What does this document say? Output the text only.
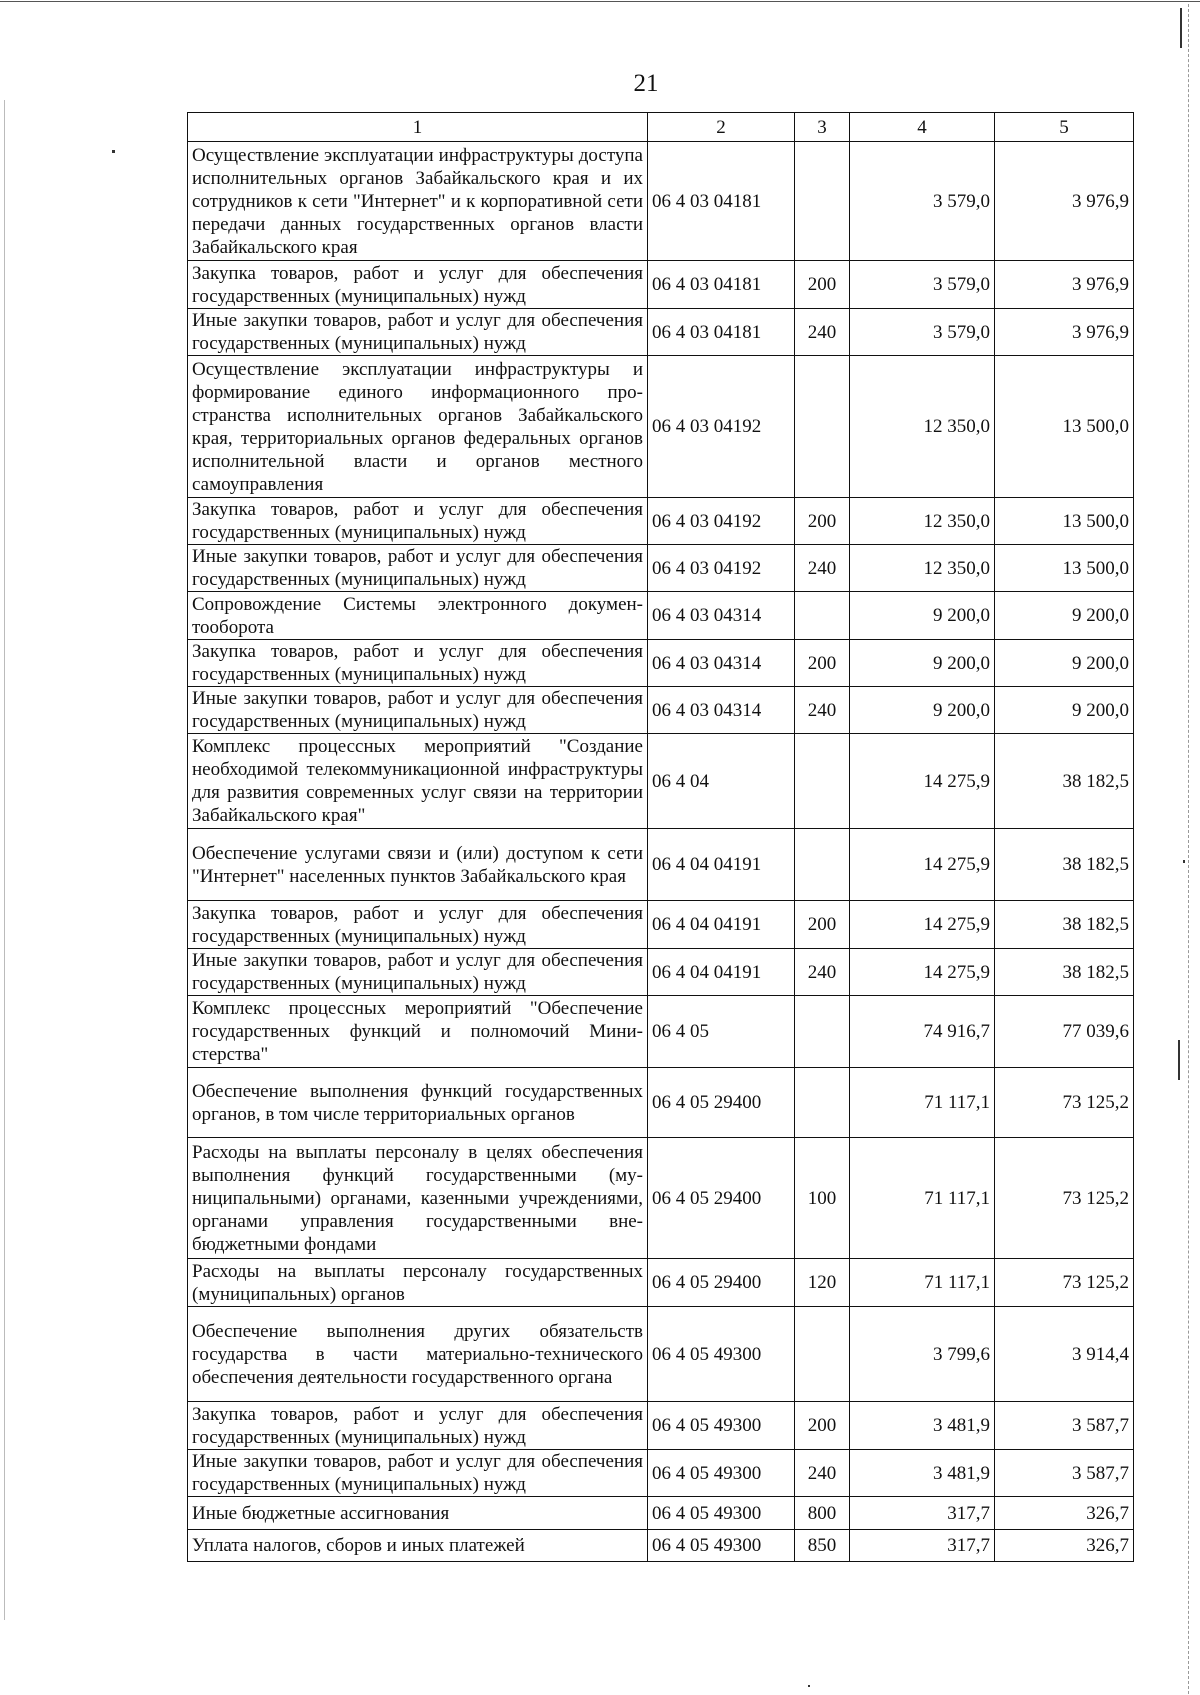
21
1	2	3	4	5
Осуществление эксплуатации инфраструктуры доступа исполнительных органов Забайкальского края и их сотрудников к сети "Интернет" и к корпоративной сети передачи данных государственных органов власти Забайкальского края	06 4 03 04181		3 579,0	3 976,9
Закупка товаров, работ и услуг для обеспечения государственных (муниципальных) нужд	06 4 03 04181	200	3 579,0	3 976,9
Иные закупки товаров, работ и услуг для обеспечения государственных (муниципальных) нужд	06 4 03 04181	240	3 579,0	3 976,9
Осуществление эксплуатации инфраструктуры и формирование единого информационного пространства исполнительных органов Забайкальского края, территориальных органов федеральных органов исполнительной власти и органов местного самоуправления	06 4 03 04192		12 350,0	13 500,0
Закупка товаров, работ и услуг для обеспечения государственных (муниципальных) нужд	06 4 03 04192	200	12 350,0	13 500,0
Иные закупки товаров, работ и услуг для обеспечения государственных (муниципальных) нужд	06 4 03 04192	240	12 350,0	13 500,0
Сопровождение Системы электронного документооборота	06 4 03 04314		9 200,0	9 200,0
Закупка товаров, работ и услуг для обеспечения государственных (муниципальных) нужд	06 4 03 04314	200	9 200,0	9 200,0
Иные закупки товаров, работ и услуг для обеспечения государственных (муниципальных) нужд	06 4 03 04314	240	9 200,0	9 200,0
Комплекс процессных мероприятий "Создание необходимой телекоммуникационной инфраструктуры для развития современных услуг связи на территории Забайкальского края"	06 4 04		14 275,9	38 182,5
Обеспечение услугами связи и (или) доступом к сети "Интернет" населенных пунктов Забайкальского края	06 4 04 04191		14 275,9	38 182,5
Закупка товаров, работ и услуг для обеспечения государственных (муниципальных) нужд	06 4 04 04191	200	14 275,9	38 182,5
Иные закупки товаров, работ и услуг для обеспечения государственных (муниципальных) нужд	06 4 04 04191	240	14 275,9	38 182,5
Комплекс процессных мероприятий "Обеспечение государственных функций и полномочий Министерства"	06 4 05		74 916,7	77 039,6
Обеспечение выполнения функций государственных органов, в том числе территориальных органов	06 4 05 29400		71 117,1	73 125,2
Расходы на выплаты персоналу в целях обеспечения выполнения функций государственными (муниципальными) органами, казенными учреждениями, органами управления государственными внебюджетными фондами	06 4 05 29400	100	71 117,1	73 125,2
Расходы на выплаты персоналу государственных (муниципальных) органов	06 4 05 29400	120	71 117,1	73 125,2
Обеспечение выполнения других обязательств государства в части материально-технического обеспечения деятельности государственного органа	06 4 05 49300		3 799,6	3 914,4
Закупка товаров, работ и услуг для обеспечения государственных (муниципальных) нужд	06 4 05 49300	200	3 481,9	3 587,7
Иные закупки товаров, работ и услуг для обеспечения государственных (муниципальных) нужд	06 4 05 49300	240	3 481,9	3 587,7
Иные бюджетные ассигнования	06 4 05 49300	800	317,7	326,7
Уплата налогов, сборов и иных платежей	06 4 05 49300	850	317,7	326,7
